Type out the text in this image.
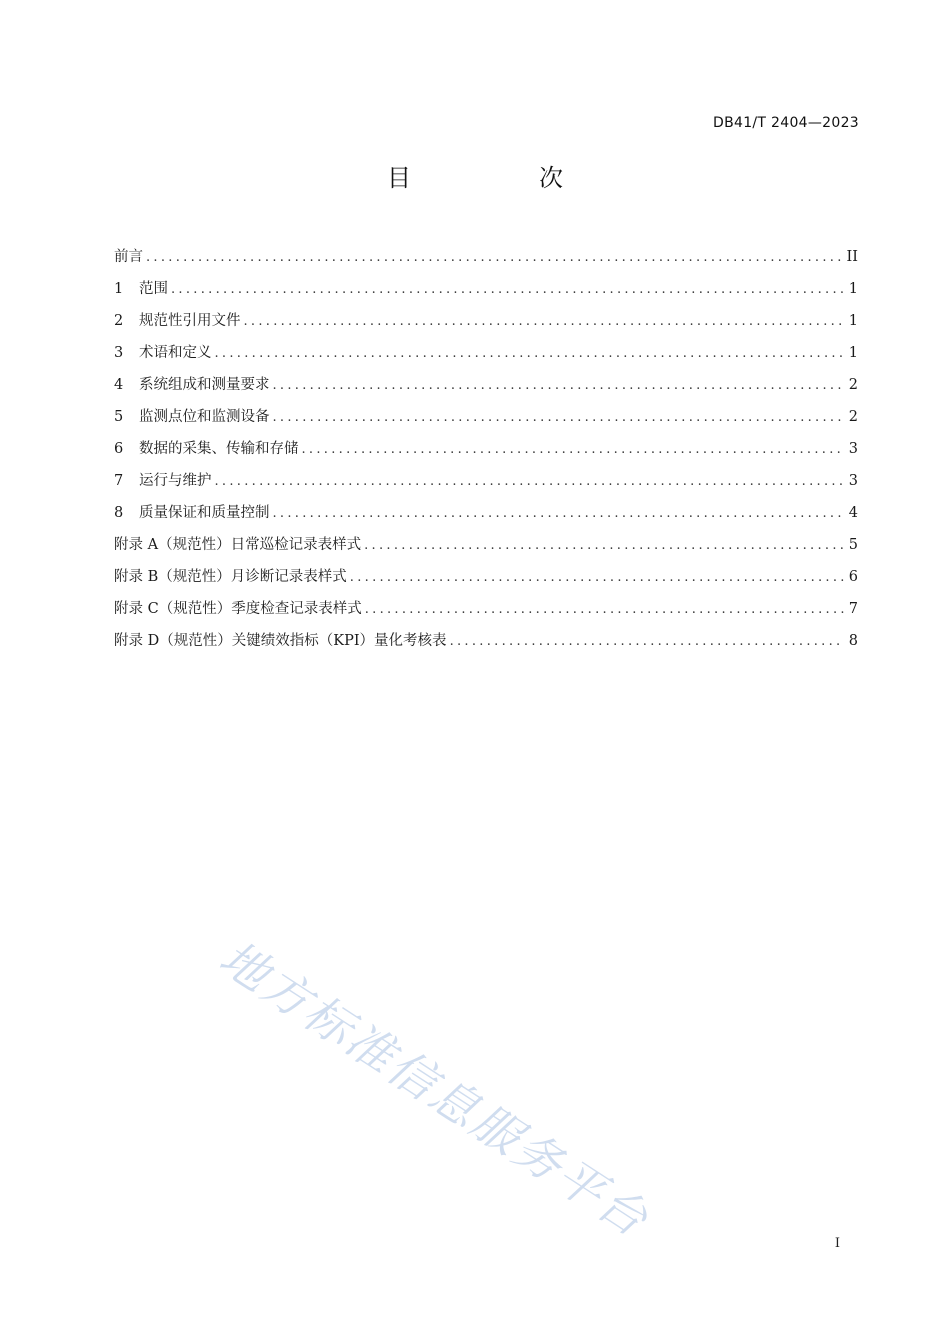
DB41/T 2404—2023
目　次
前言 .....	II
1	范围 .....	1
2	规范性引用文件 .....	1
3	术语和定义 .....	1
4	系统组成和测量要求 .....	2
5	监测点位和监测设备 .....	2
6	数据的采集、传输和存储 .....	3
7	运行与维护 .....	3
8	质量保证和质量控制 .....	4
附录 A（规范性）日常巡检记录表样式 .....	5
附录 B（规范性）月诊断记录表样式 .....	6
附录 C（规范性）季度检查记录表样式 .....	7
附录 D（规范性）关键绩效指标（KPI）量化考核表 .....	8
地方标准信息服务平台	I
